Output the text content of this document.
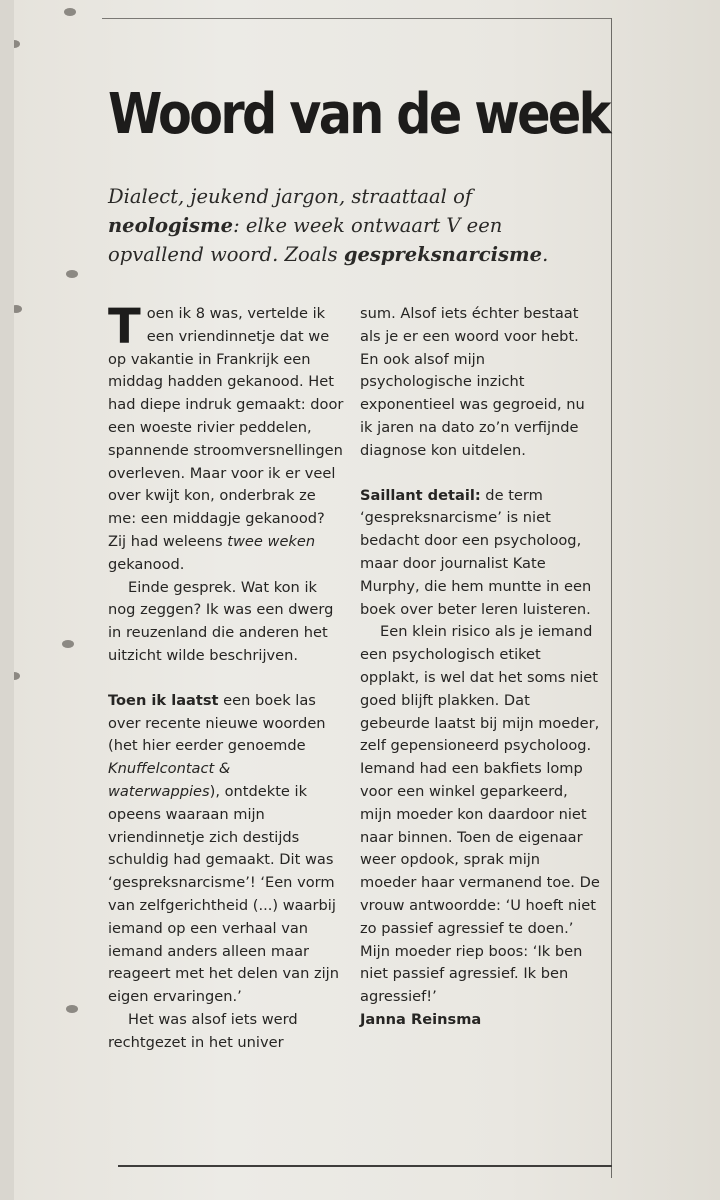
Woord van de week

Dialect, jeukend jargon, straattaal of neologisme: elke week ontwaart V een opvallend woord. Zoals gespreksnarcisme.

Toen ik 8 was, vertelde ik een vriendinnetje dat we op vakantie in Frankrijk een middag hadden gekanood. Het had diepe indruk gemaakt: door een woeste rivier peddelen, spannende stroomversnellingen overleven. Maar voor ik er veel over kwijt kon, onderbrak ze me: een middagje gekanood? Zij had weleens twee weken gekanood.

Einde gesprek. Wat kon ik nog zeggen? Ik was een dwerg in reuzenland die anderen het uitzicht wilde beschrijven.

Toen ik laatst een boek las over recente nieuwe woorden (het hier eerder genoemde Knuffelcontact & waterwappies), ontdekte ik opeens waaraan mijn vriendinnetje zich destijds schuldig had gemaakt. Dit was ‘gespreksnarcisme’! ‘Een vorm van zelfgerichtheid (...) waarbij iemand op een verhaal van iemand anders alleen maar reageert met het delen van zijn eigen ervaringen.’

Het was alsof iets werd rechtgezet in het univer

sum. Alsof iets échter bestaat als je er een woord voor hebt. En ook alsof mijn psychologische inzicht exponentieel was gegroeid, nu ik jaren na dato zo’n verfijnde diagnose kon uitdelen.

Saillant detail: de term ‘gespreksnarcisme’ is niet bedacht door een psycholoog, maar door journalist Kate Murphy, die hem muntte in een boek over beter leren luisteren.

Een klein risico als je iemand een psychologisch etiket opplakt, is wel dat het soms niet goed blijft plakken. Dat gebeurde laatst bij mijn moeder, zelf gepensioneerd psycholoog. Iemand had een bakfiets lomp voor een winkel geparkeerd, mijn moeder kon daardoor niet naar binnen. Toen de eigenaar weer opdook, sprak mijn moeder haar vermanend toe. De vrouw antwoordde: ‘U hoeft niet zo passief agressief te doen.’ Mijn moeder riep boos: ‘Ik ben niet passief agressief. Ik ben agressief!’

Janna Reinsma
